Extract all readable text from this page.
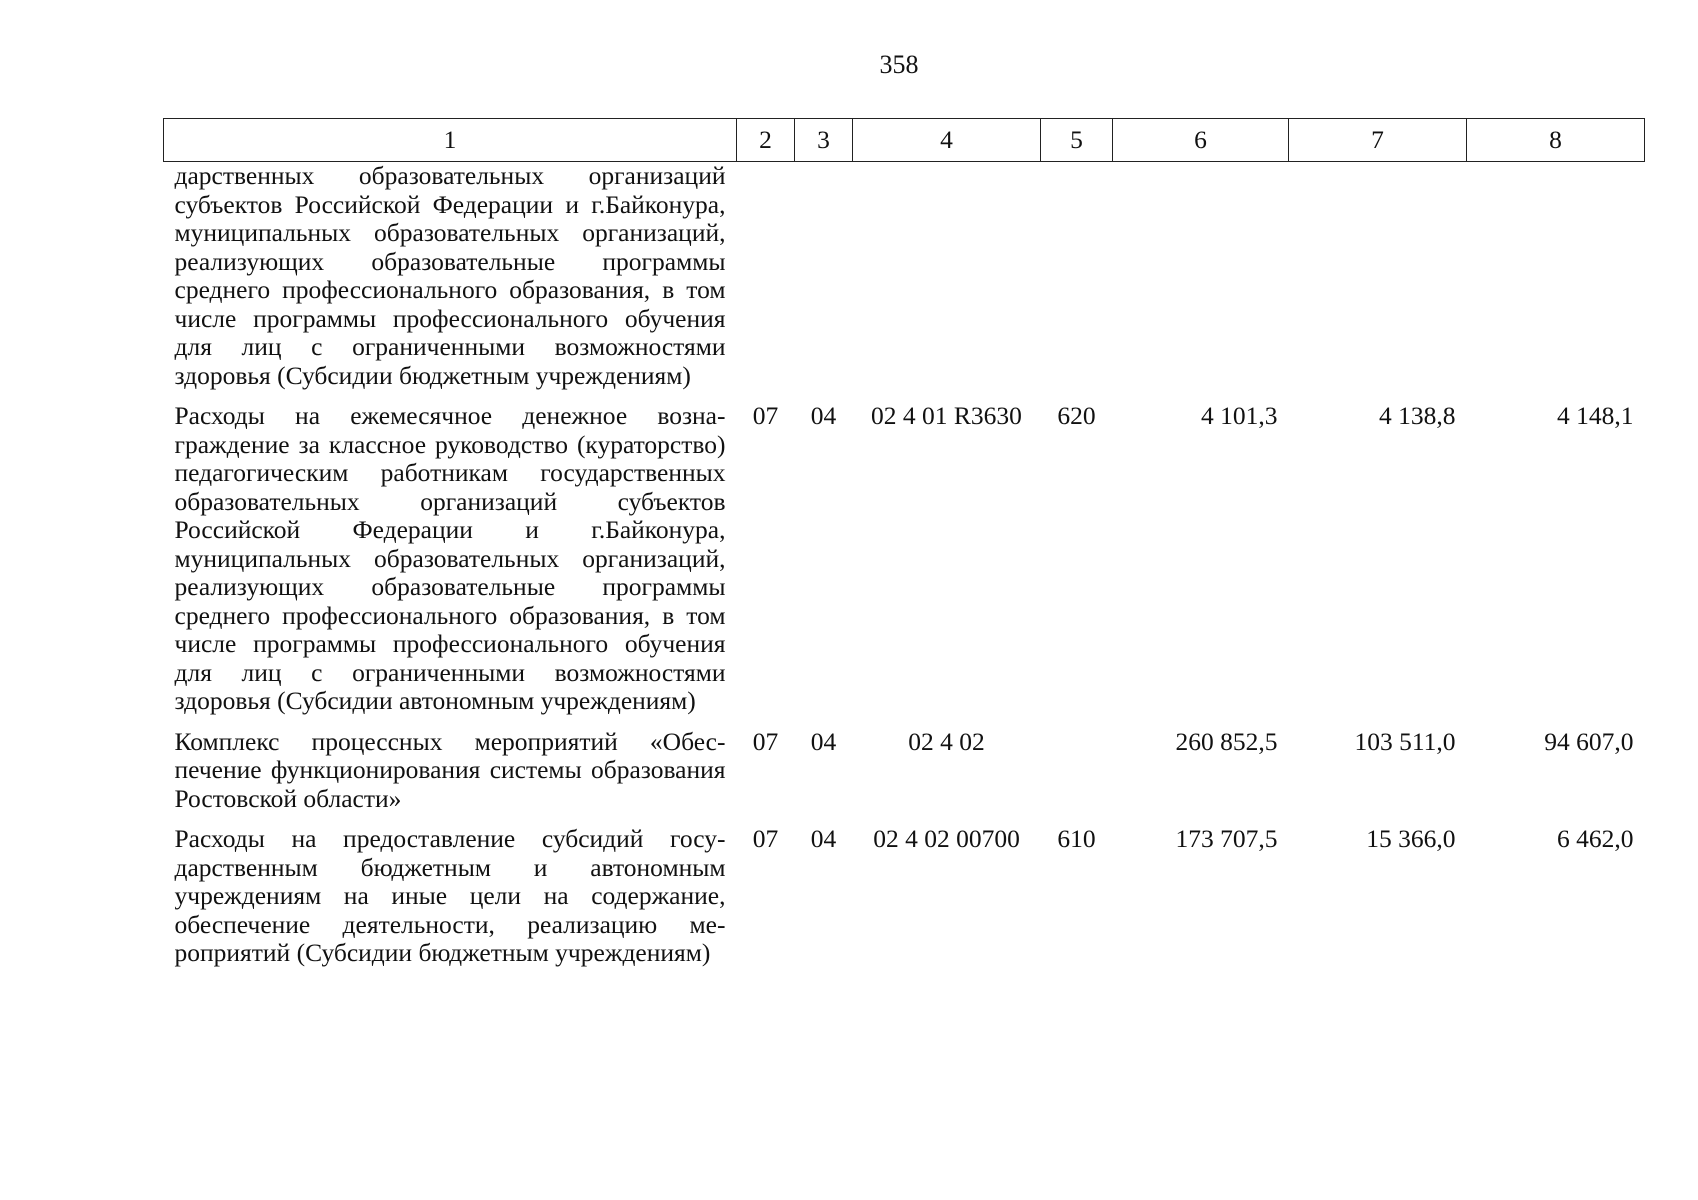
358
1	2	3	4	5	6	7	8
дарственных образовательных организаций субъектов Российской Федерации и г.Байконура, муниципальных образовательных организаций, реализующих образовательные программы среднего профессионального образования, в том числе программы профессионального обучения для лиц с ограниченными возможностями здоровья (Субсидии бюджетным учреждениям)							
Расходы на ежемесячное денежное вознаграждение за классное руководство (кураторство) педагогическим работникам государственных образовательных организаций субъектов Российской Федерации и г.Байконура, муниципальных образовательных организаций, реализующих образовательные программы среднего профессионального образования, в том числе программы профессионального обучения для лиц с ограниченными возможностями здоровья (Субсидии автономным учреждениям)	07	04	02 4 01 R3630	620	4 101,3	4 138,8	4 148,1
Комплекс процессных мероприятий «Обеспечение функционирования системы образования Ростовской области»	07	04	02 4 02		260 852,5	103 511,0	94 607,0
Расходы на предоставление субсидий государственным бюджетным и автономным учреждениям на иные цели на содержание, обеспечение деятельности, реализацию мероприятий (Субсидии бюджетным учреждениям)	07	04	02 4 02 00700	610	173 707,5	15 366,0	6 462,0
